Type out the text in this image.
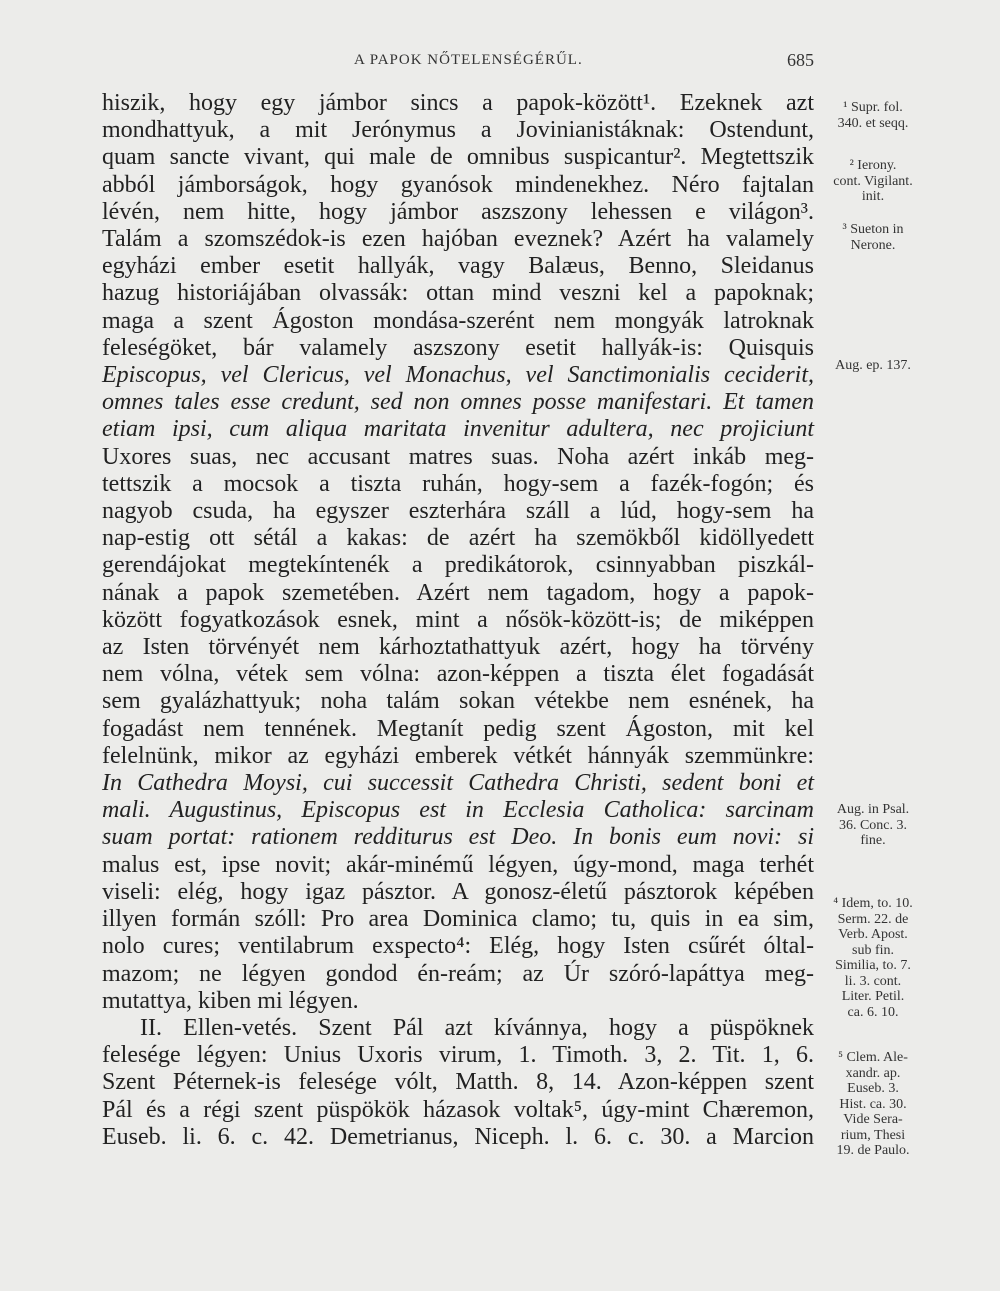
A PAPOK NŐTELENSÉGÉRŰL.	685
hiszik, hogy egy jámbor sincs a papok-között¹. Ezeknek azt
mondhattyuk, a mit Jerónymus a Jovinianistáknak: Ostendunt,
quam sancte vivant, qui male de omnibus suspicantur². Megtettszik
abból jámborságok, hogy gyanósok mindenekhez. Néro fajtalan
lévén, nem hitte, hogy jámbor aszszony lehessen e világon³.
Talám a szomszédok-is ezen hajóban eveznek? Azért ha valamely
egyházi ember esetit hallyák, vagy Balæus, Benno, Sleidanus
hazug historiájában olvassák: ottan mind veszni kel a papoknak;
maga a szent Ágoston mondása-szerént nem mongyák latroknak
feleségöket, bár valamely aszszony esetit hallyák-is: Quisquis
Episcopus, vel Clericus, vel Monachus, vel Sanctimonialis ceciderit,
omnes tales esse credunt, sed non omnes posse manifestari. Et tamen
etiam ipsi, cum aliqua maritata invenitur adultera, nec projiciunt
Uxores suas, nec accusant matres suas. Noha azért inkáb meg-
tettszik a mocsok a tiszta ruhán, hogy-sem a fazék-fogón; és
nagyob csuda, ha egyszer eszterhára száll a lúd, hogy-sem ha
nap-estig ott sétál a kakas: de azért ha szemökből kidöllyedett
gerendájokat megtekíntenék a predikátorok, csinnyabban piszkál-
nának a papok szemetében. Azért nem tagadom, hogy a papok-
között fogyatkozások esnek, mint a nősök-között-is; de miképpen
az Isten törvényét nem kárhoztathattyuk azért, hogy ha törvény
nem vólna, vétek sem vólna: azon-képpen a tiszta élet fogadását
sem gyalázhattyuk; noha talám sokan vétekbe nem esnének, ha
fogadást nem tennének. Megtanít pedig szent Ágoston, mit kel
felelnünk, mikor az egyházi emberek vétkét hánnyák szemmünkre:
In Cathedra Moysi, cui successit Cathedra Christi, sedent boni et
mali. Augustinus, Episcopus est in Ecclesia Catholica: sarcinam
suam portat: rationem redditurus est Deo. In bonis eum novi: si
malus est, ipse novit; akár-minémű légyen, úgy-mond, maga terhét
viseli: elég, hogy igaz pásztor. A gonosz-életű pásztorok képében
illyen formán szóll: Pro area Dominica clamo; tu, quis in ea sim,
nolo cures; ventilabrum exspecto⁴: Elég, hogy Isten csűrét óltal-
mazom; ne légyen gondod én-reám; az Úr szóró-lapáttya meg-
mutattya, kiben mi légyen.
II. Ellen-vetés. Szent Pál azt kívánnya, hogy a püspöknek
felesége légyen: Unius Uxoris virum, 1. Timoth. 3, 2. Tit. 1, 6.
Szent Péternek-is felesége vólt, Matth. 8, 14. Azon-képpen szent
Pál és a régi szent püspökök házasok voltak⁵, úgy-mint Chæremon,
Euseb. li. 6. c. 42. Demetrianus, Niceph. l. 6. c. 30. a Marcion
¹ Supr. fol.
340. et seqq.
² Ierony.
cont. Vigilant.
init.
³ Sueton in
Nerone.
Aug. ep. 137.
Aug. in Psal.
36. Conc. 3.
fine.
⁴ Idem, to. 10.
Serm. 22. de
Verb. Apost.
sub fin.
Similia, to. 7.
li. 3. cont.
Liter. Petil.
ca. 6. 10.
⁵ Clem. Ale-
xandr. ap.
Euseb. 3.
Hist. ca. 30.
Vide Sera-
rium, Thesi
19. de Paulo.
